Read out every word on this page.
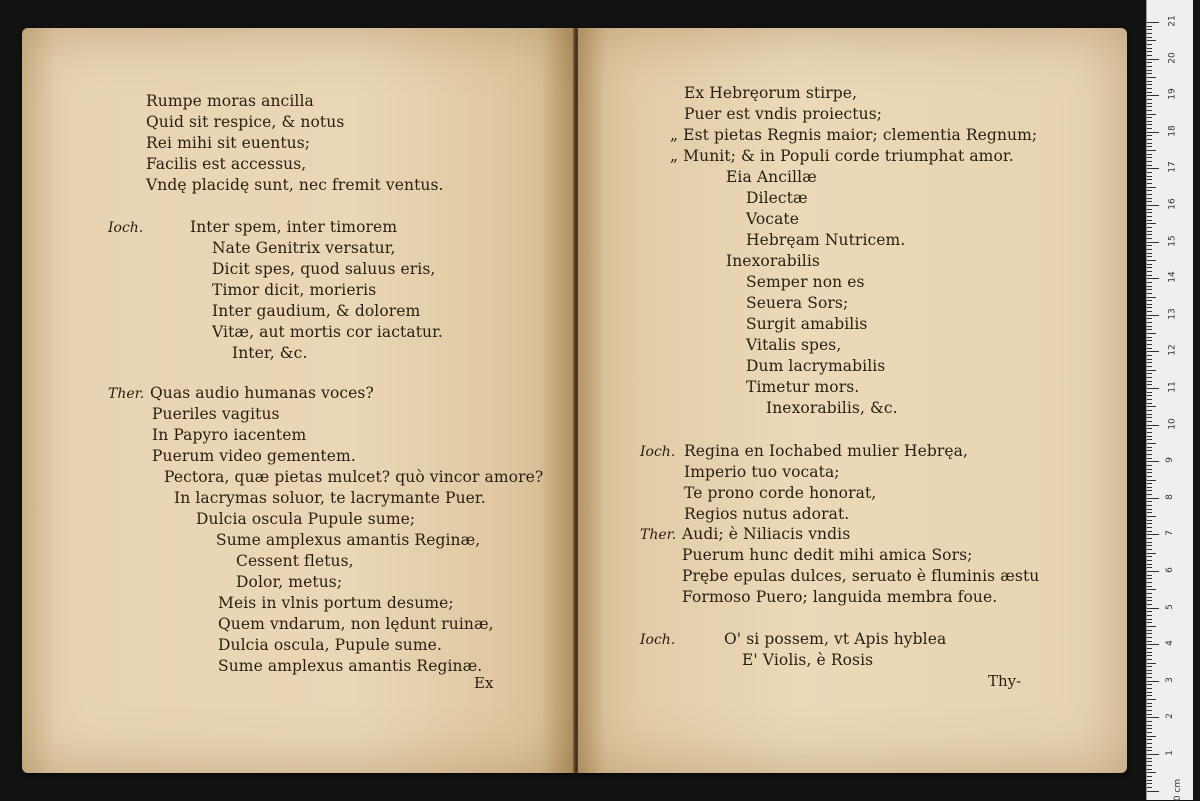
Rumpe moras ancilla
Quid sit respice, & notus
Rei mihi sit euentus;
Facilis est accessus,
Vndę placidę sunt, nec fremit ventus.
Ioch.	Inter spem, inter timorem
Nate Genitrix versatur,
Dicit spes, quod saluus eris,
Timor dicit, morieris
Inter gaudium, & dolorem
Vitæ, aut mortis cor iactatur.
Inter, &c.
Ther. Quas audio humanas voces?
Pueriles vagitus
In Papyro iacentem
Puerum video gementem.
Pectora, quæ pietas mulcet? quò vincor amore?
In lacrymas soluor, te lacrymante Puer.
Dulcia oscula Pupule sume;
Sume amplexus amantis Reginæ,
Cessent fletus,
Dolor, metus;
Meis in vlnis portum desume;
Quem vndarum, non lędunt ruinæ,
Dulcia oscula, Pupule sume.
Sume amplexus amantis Reginæ.
Ex
Ex Hebręorum stirpe,
Puer est vndis proiectus;
„ Est pietas Regnis maior; clementia Regnum;
„ Munit; & in Populi corde triumphat amor.
Eia Ancillæ
Dilectæ
Vocate
Hebręam Nutricem.
Inexorabilis
Semper non es
Seuera Sors;
Surgit amabilis
Vitalis spes,
Dum lacrymabilis
Timetur mors.
Inexorabilis, &c.
Ioch. Regina en Iochabed mulier Hebręa,
Imperio tuo vocata;
Te prono corde honorat,
Regios nutus adorat.
Ther. Audi; è Niliacis vndis
Puerum hunc dedit mihi amica Sors;
Prębe epulas dulces, seruato è fluminis æstu
Formoso Puero; languida membra foue.
Ioch.	O' si possem, vt Apis hyblea
E' Violis, è Rosis
Thy-
21
20
19
18
17
16
15
14
13
12
11
10
9
8
7
6
5
4
3
2
1
0 cm
